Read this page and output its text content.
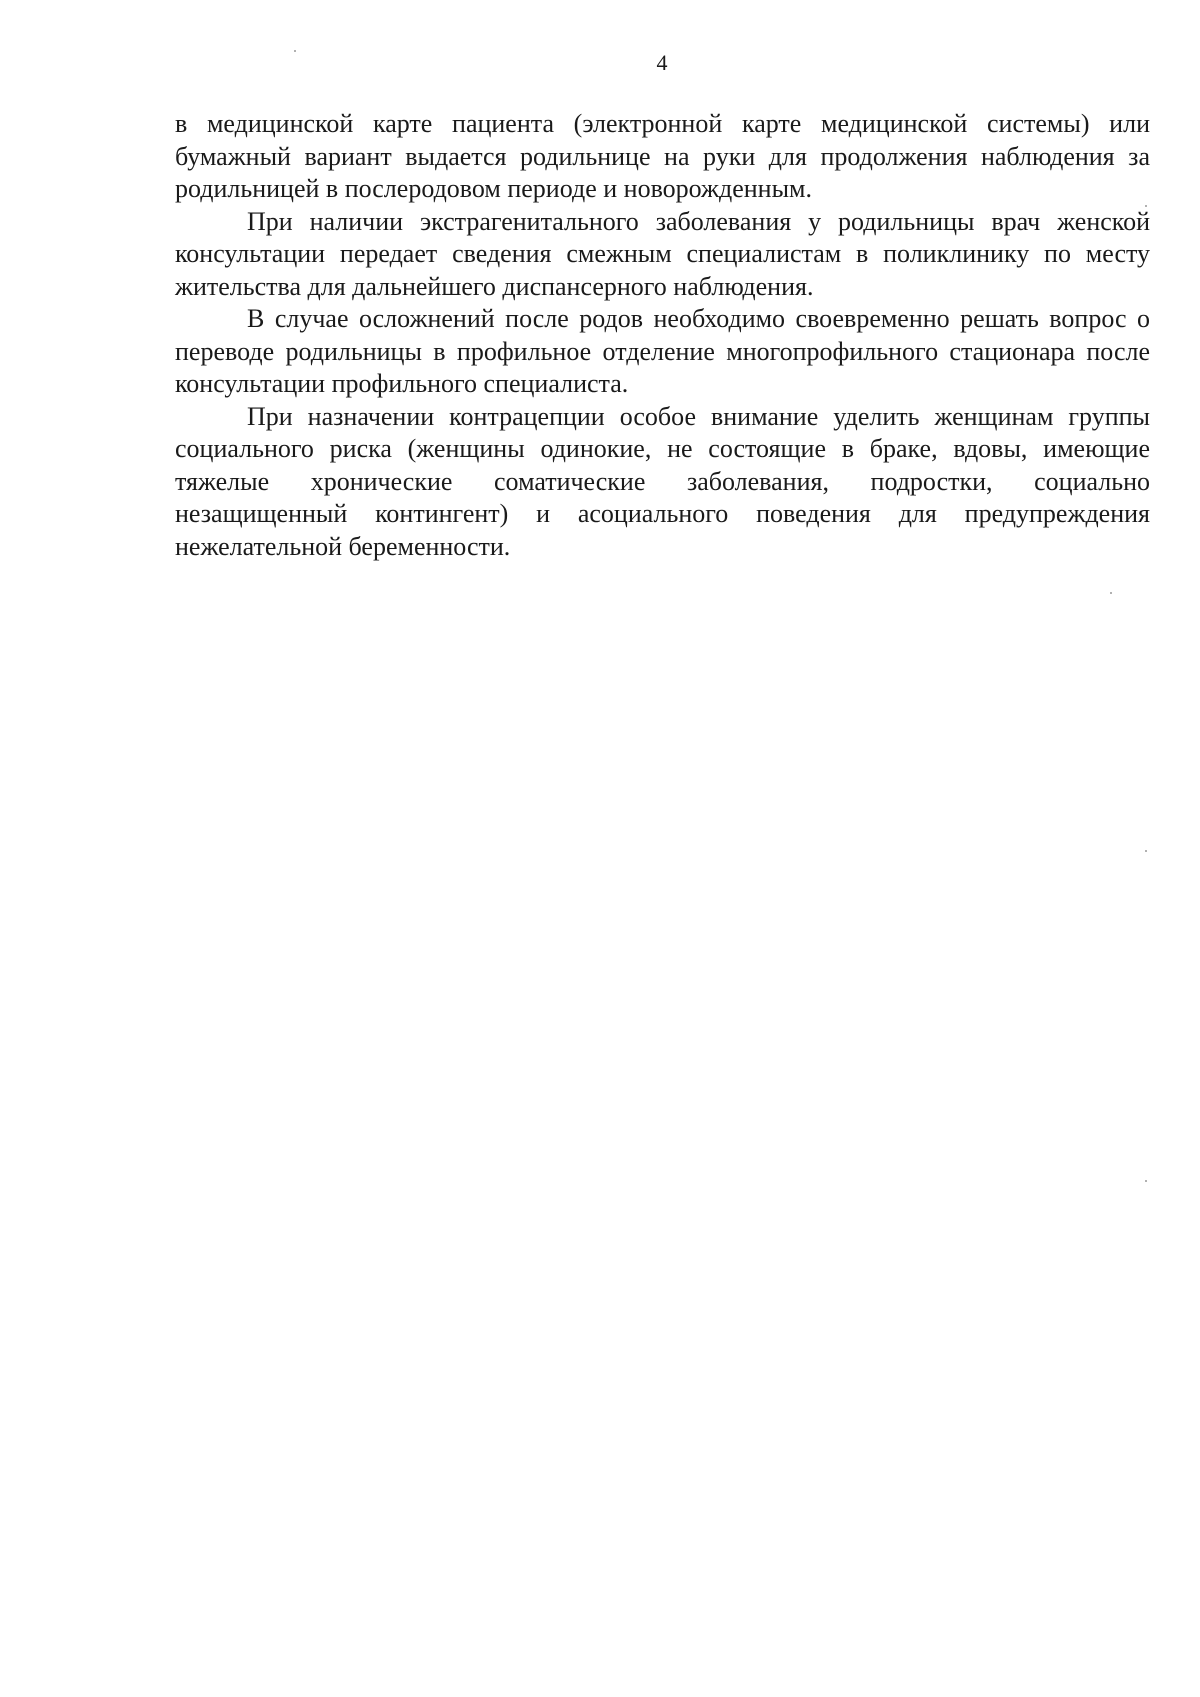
4

в медицинской карте пациента (электронной карте медицинской системы) или бумажный вариант выдается родильнице на руки для продолжения наблюдения за родильницей в послеродовом периоде и новорожденным.

При наличии экстрагенитального заболевания у родильницы врач женской консультации передает сведения смежным специалистам в поликлинику по месту жительства для дальнейшего диспансерного наблюдения.

В случае осложнений после родов необходимо своевременно решать вопрос о переводе родильницы в профильное отделение многопрофильного стационара после консультации профильного специалиста.

При назначении контрацепции особое внимание уделить женщинам группы социального риска (женщины одинокие, не состоящие в браке, вдовы, имеющие тяжелые хронические соматические заболевания, подростки, социально незащищенный контингент) и асоциального поведения для предупреждения нежелательной беременности.
